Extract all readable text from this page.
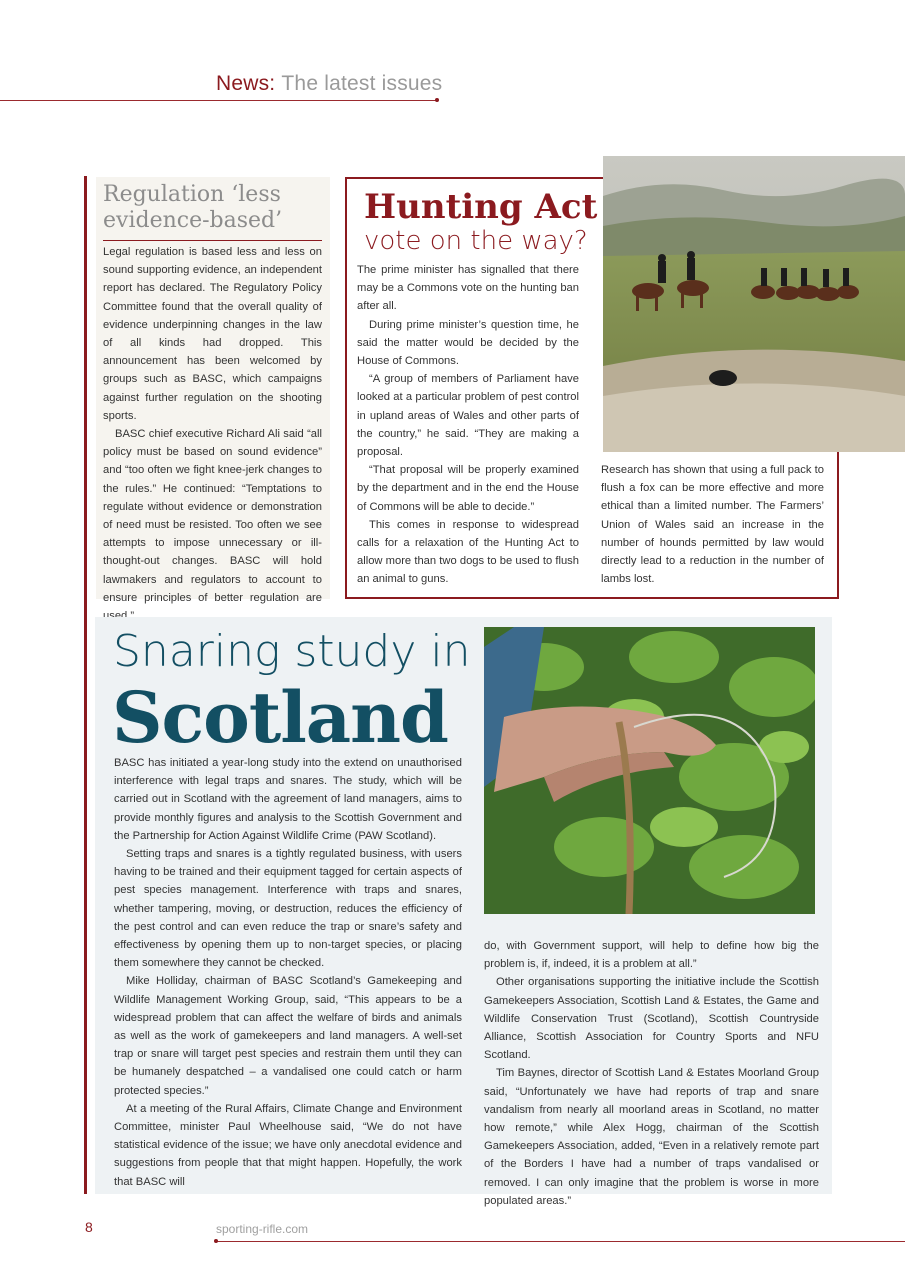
News: The latest issues
Regulation ‘less evidence-based’

Legal regulation is based less and less on sound supporting evidence, an independent report has declared. The Regulatory Policy Committee found that the overall quality of evidence underpinning changes in the law of all kinds had dropped. This announcement has been welcomed by groups such as BASC, which campaigns against further regulation on the shooting sports.

BASC chief executive Richard Ali said “all policy must be based on sound evidence” and “too often we fight knee-jerk changes to the rules.” He continued: “Temptations to regulate without evidence or demonstration of need must be resisted. Too often we see attempts to impose unnecessary or ill-thought-out changes. BASC will hold lawmakers and regulators to account to ensure principles of better regulation are

Hunting Act
vote on the way?

The prime minister has signalled that there may be a Commons vote on the hunting ban after all.

During prime minister’s question time, he said the matter would be decided by the House of Commons.

“A group of members of Parliament have looked at a particular problem of pest control in upland areas of Wales and other parts of the country,” he said. “They are making a proposal.

“That proposal will be properly examined by the department and in the end the House of Commons will be able to decide.”

This comes in response to widespread calls for a relaxation of the Hunting Act to allow more than two dogs to be used to flush an animal to guns.

Research has shown that using a full pack to flush a fox can be more effective and more ethical than a limited number. The Farmers’ Union of Wales said an increase in the number of hounds permitted by law would directly lead to a reduction in the number of lambs lost.

Snaring study in
Scotland

BASC has initiated a year-long study into the extend on unauthorised interference with legal traps and snares. The study, which will be carried out in Scotland with the agreement of land managers, aims to provide monthly figures and analysis to the Scottish Government and the Partnership for Action Against Wildlife Crime (PAW Scotland).

Setting traps and snares is a tightly regulated business, with users having to be trained and their equipment tagged for certain aspects of pest species management. Interference with traps and snares, whether tampering, moving, or destruction, reduces the efficiency of the pest control and can even reduce the trap or snare’s safety and effectiveness by opening them up to non-target species, or placing them somewhere they cannot be checked.

Mike Holliday, chairman of BASC Scotland’s Gamekeeping and Wildlife Management Working Group, said, “This appears to be a widespread problem that can affect the welfare of birds and animals as well as the work of gamekeepers and land managers. A well-set trap or snare will target pest species and restrain them until they can be humanely despatched – a vandalised one could catch or harm protected species.”

At a meeting of the Rural Affairs, Climate Change and Environment Committee, minister Paul Wheelhouse said, “We do not have statistical evidence of the issue; we have only anecdotal evidence and suggestions from people that that might happen. Hopefully, the work that BASC will

do, with Government support, will help to define how big the problem is, if, indeed, it is a problem at all.”

Other organisations supporting the initiative include the Scottish Gamekeepers Association, Scottish Land & Estates, the Game and Wildlife Conservation Trust (Scotland), Scottish Countryside Alliance, Scottish Association for Country Sports and NFU Scotland.

Tim Baynes, director of Scottish Land & Estates Moorland Group said, “Unfortunately we have had reports of trap and snare vandalism from nearly all moorland areas in Scotland, no matter how remote,” while Alex Hogg, chairman of the Scottish Gamekeepers Association, added, “Even in a relatively remote part of the Borders I have had a number of traps vandalised or removed. I can only imagine that the problem is worse in more populated areas.”

8	sporting-rifle.com
